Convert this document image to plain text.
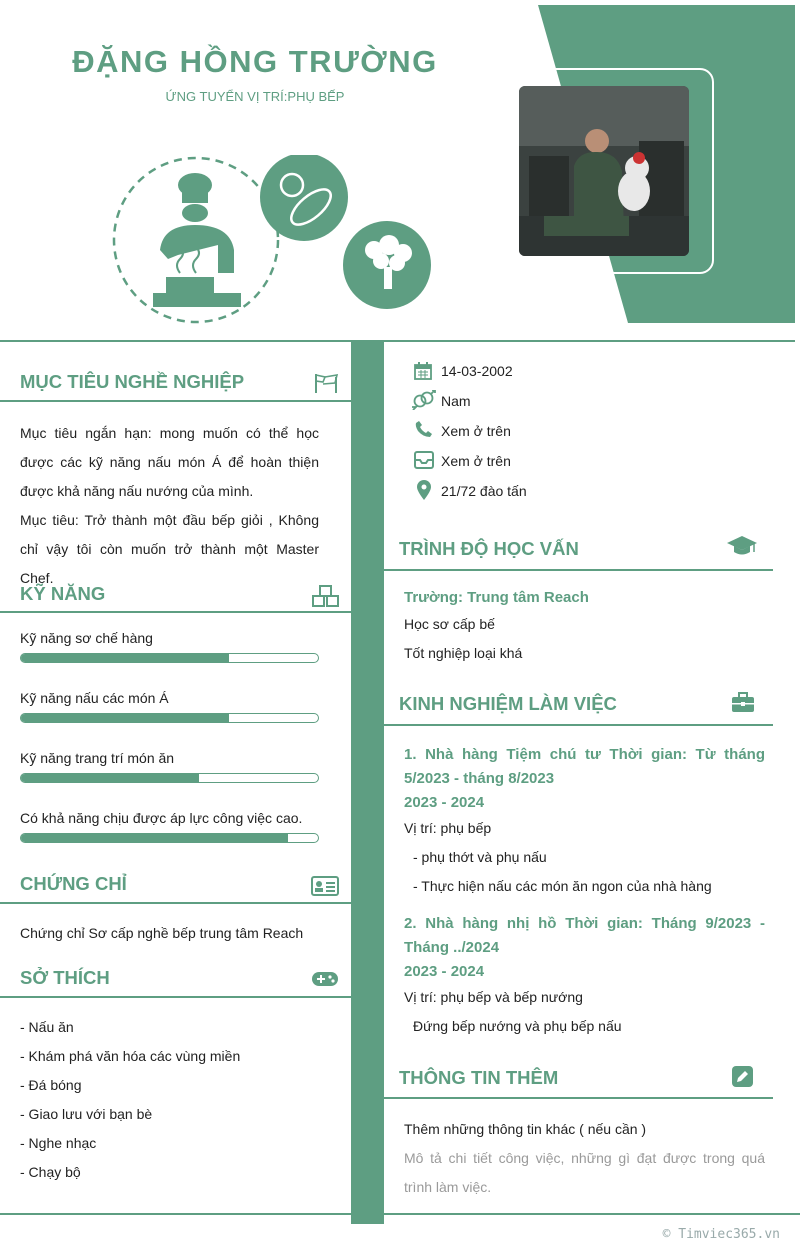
ĐẶNG HỒNG TRƯỜNG
ỨNG TUYỂN VỊ TRÍ:PHỤ BẾP
MỤC TIÊU NGHỀ NGHIỆP
Mục tiêu ngắn hạn: mong muốn có thể học được các kỹ năng nấu món Á để hoàn thiện được khả năng nấu nướng của mình.
Mục tiêu: Trở thành một đầu bếp giỏi , Không chỉ vậy tôi còn muốn trở thành một Master Chef.
KỸ NĂNG
Kỹ năng sơ chế hàng
Kỹ năng nấu các món Á
Kỹ năng trang trí món ăn
Có khả năng chịu được áp lực công việc cao.
CHỨNG CHỈ
Chứng chỉ Sơ cấp nghề bếp trung tâm Reach
SỞ THÍCH
- Nấu ăn
- Khám phá văn hóa các vùng miền
- Đá bóng
- Giao lưu với bạn bè
- Nghe nhạc
- Chạy bộ
14-03-2002
Nam
Xem ở trên
Xem ở trên
21/72 đào tấn
TRÌNH ĐỘ HỌC VẤN
Trường: Trung tâm Reach
Học sơ cấp bế
Tốt nghiệp loại khá
KINH NGHIỆM LÀM VIỆC
1. Nhà hàng Tiệm chú tư Thời gian: Từ tháng 5/2023 - tháng 8/2023
2023 - 2024
Vị trí: phụ bếp
- phụ thớt và phụ nấu
- Thực hiện nấu các món ăn ngon của nhà hàng
2. Nhà hàng nhị hồ Thời gian: Tháng 9/2023 - Tháng ../2024
2023 - 2024
Vị trí: phụ bếp và bếp nướng
Đứng bếp nướng và phụ bếp nấu
THÔNG TIN THÊM
Thêm những thông tin khác ( nếu cần )
Mô tả chi tiết công việc, những gì đạt được trong quá trình làm việc.
© Timviec365.vn
